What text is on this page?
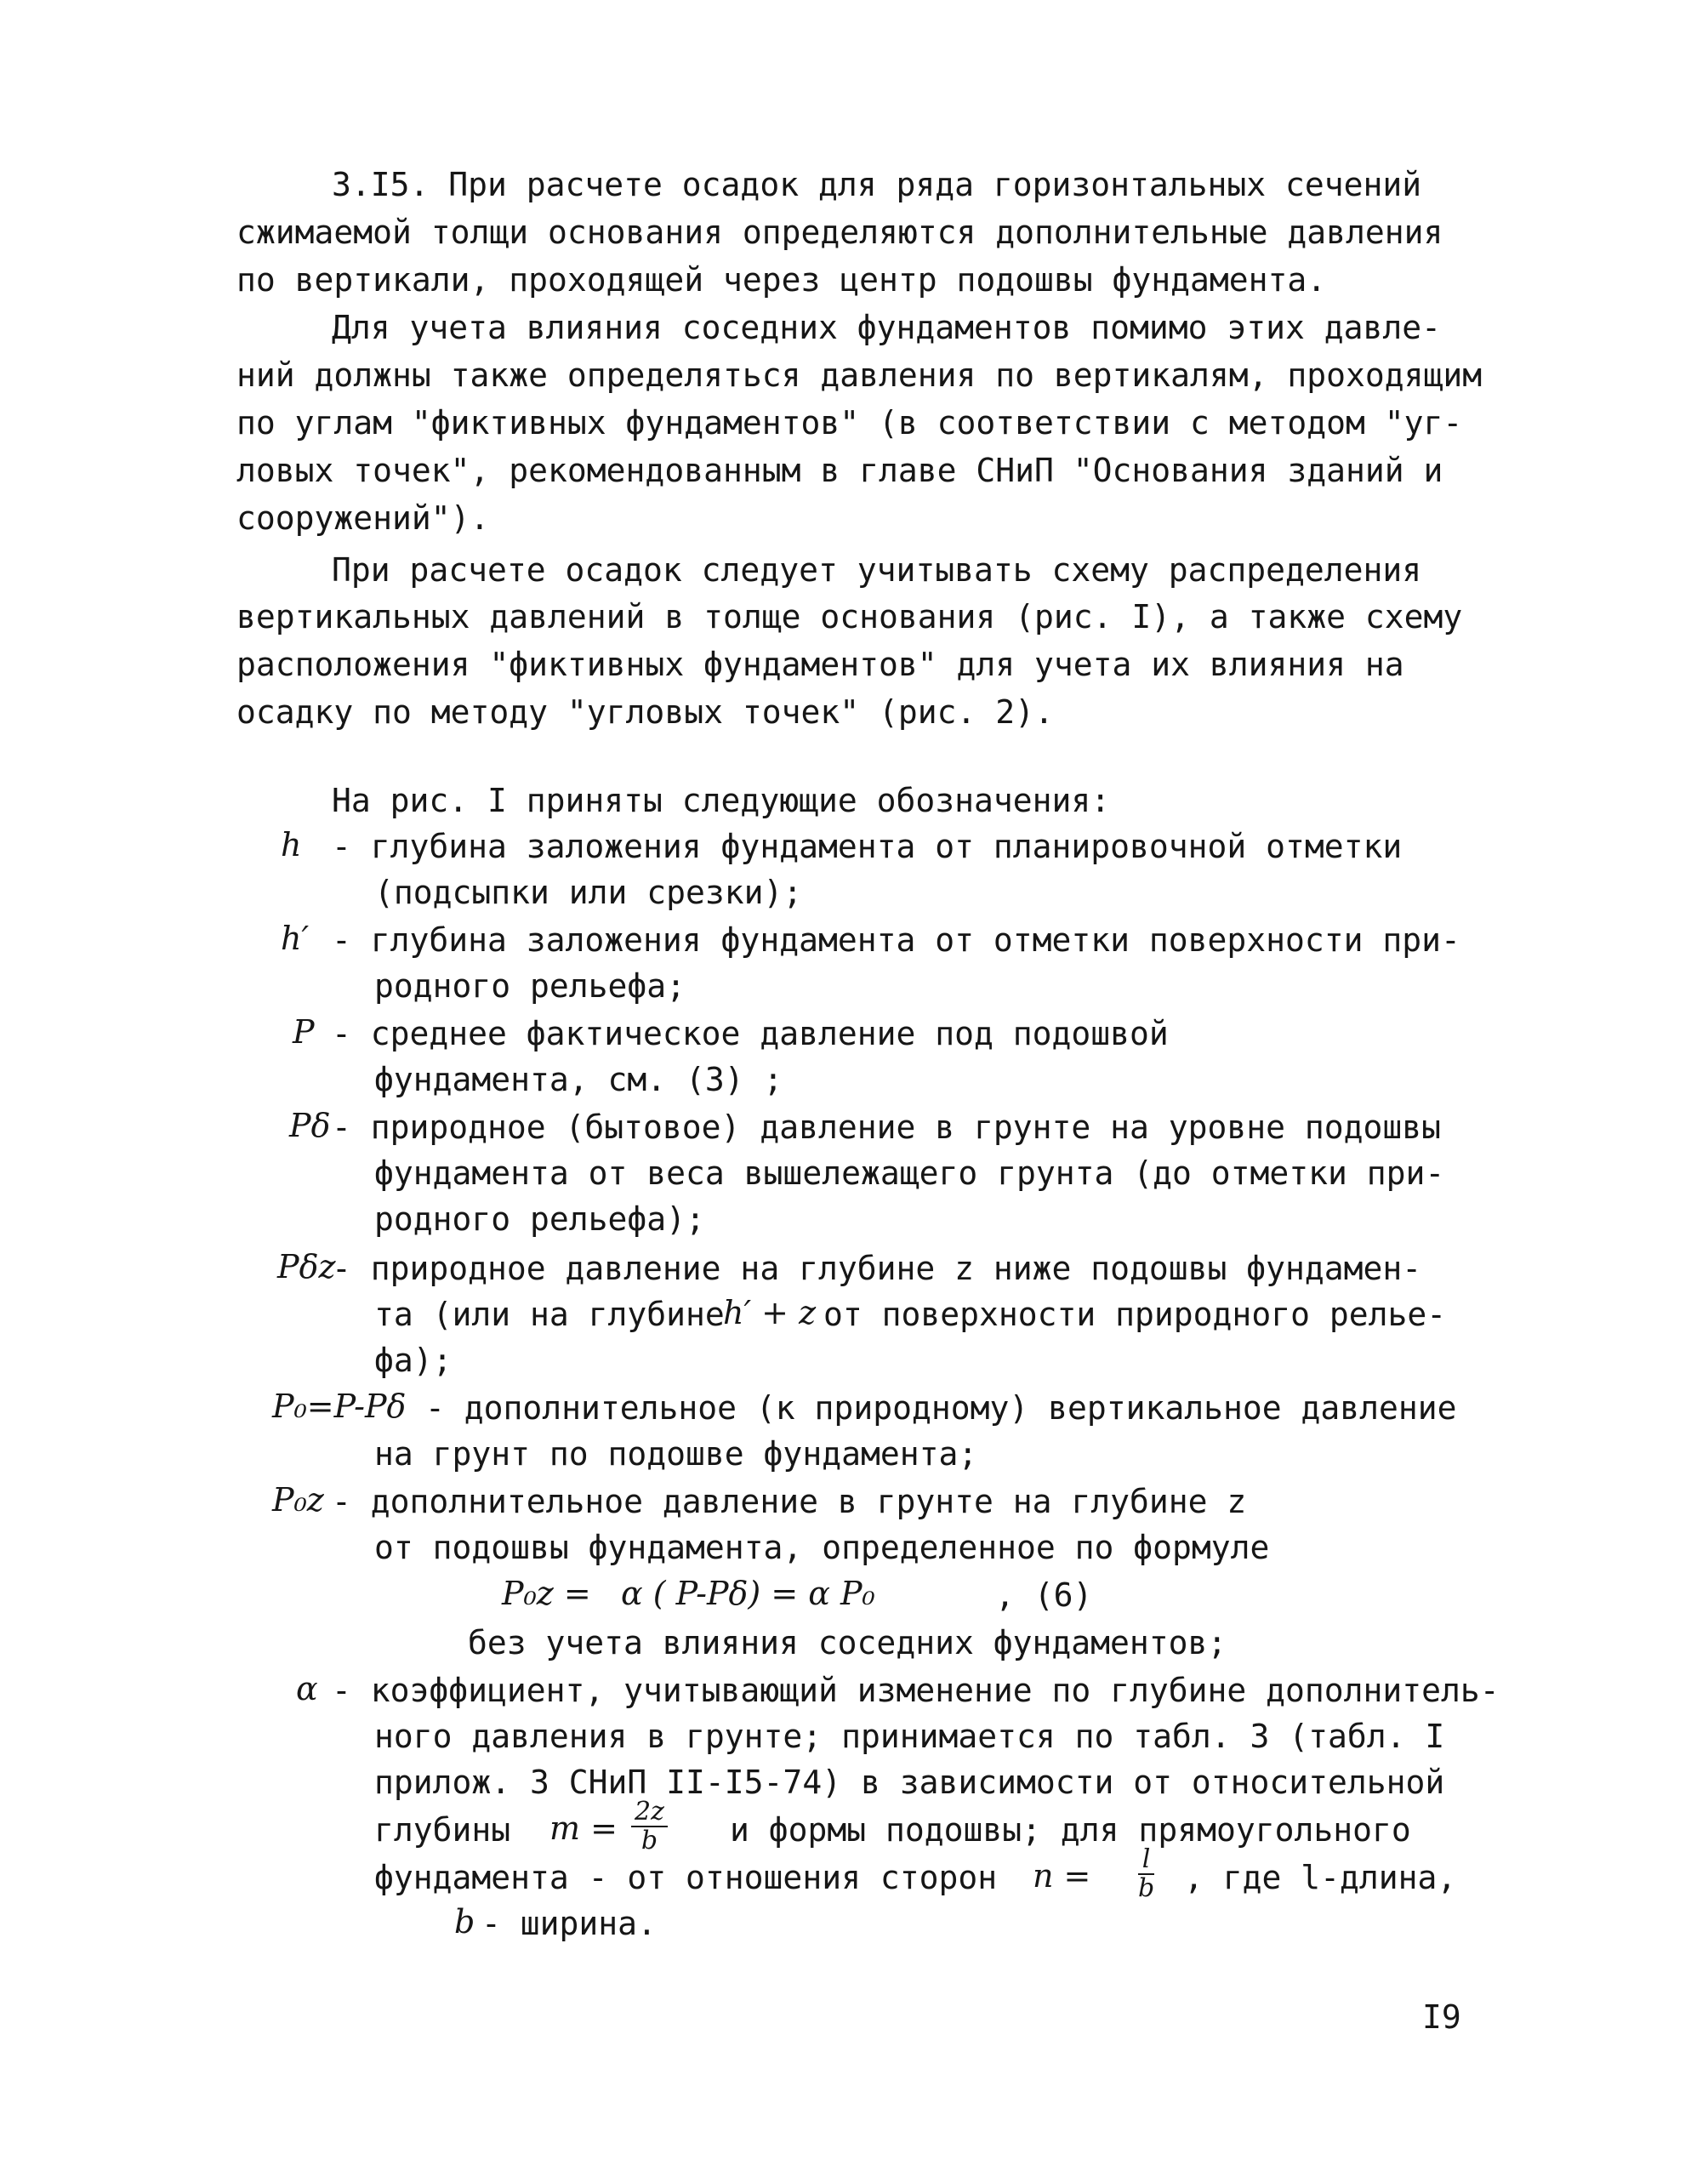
3.I5. При расчете осадок для ряда горизонтальных сечений
сжимаемой толщи основания определяются дополнительные давления
по вертикали, проходящей через центр подошвы фундамента.
Для учета влияния соседних фундаментов помимо этих давле-
ний должны также определяться давления по вертикалям, проходящим
по углам "фиктивных фундаментов" (в соответствии с методом "уг-
ловых точек", рекомендованным в главе СНиП "Основания зданий и
сооружений").
При расчете осадок следует учитывать схему распределения
вертикальных давлений в толще основания (рис. I), а также схему
расположения "фиктивных фундаментов" для учета их влияния на
осадку по методу "угловых точек" (рис. 2).
На рис. I приняты следующие обозначения:
h - глубина заложения фундамента от планировочной отметки
(подсыпки или срезки);
h′ - глубина заложения фундамента от отметки поверхности при-
родного рельефа;
P - среднее фактическое давление под подошвой
фундамента, см. (3) ;
Pδ - природное (бытовое) давление в грунте на уровне подошвы
фундамента от веса вышележащего грунта (до отметки при-
родного рельефа);
Pδz
- природное давление на глубине z ниже подошвы фундамен-
та (или на глубине
h′ + z от поверхности природного релье-
фа);
P₀=P-Pδ - дополнительное (к природному) вертикальное давление
на грунт по подошве фундамента;
P₀z - дополнительное давление в грунте на глубине z
от подошвы фундамента, определенное по формуле
P₀z = α ( P-Pδ) = α P₀	, (6)
без учета влияния соседних фундаментов;
α - коэффициент, учитывающий изменение по глубине дополнитель-
ного давления в грунте; принимается по табл. 3 (табл. I
прилож. 3 СНиП II-I5-74) в зависимости от относительной
глубины $m = \frac{2z}{b}$ и формы подошвы; для прямоугольного
фундамента - от отношения сторон $n = \frac{l}{b}$ , где l-длина,
b - ширина.
I9
